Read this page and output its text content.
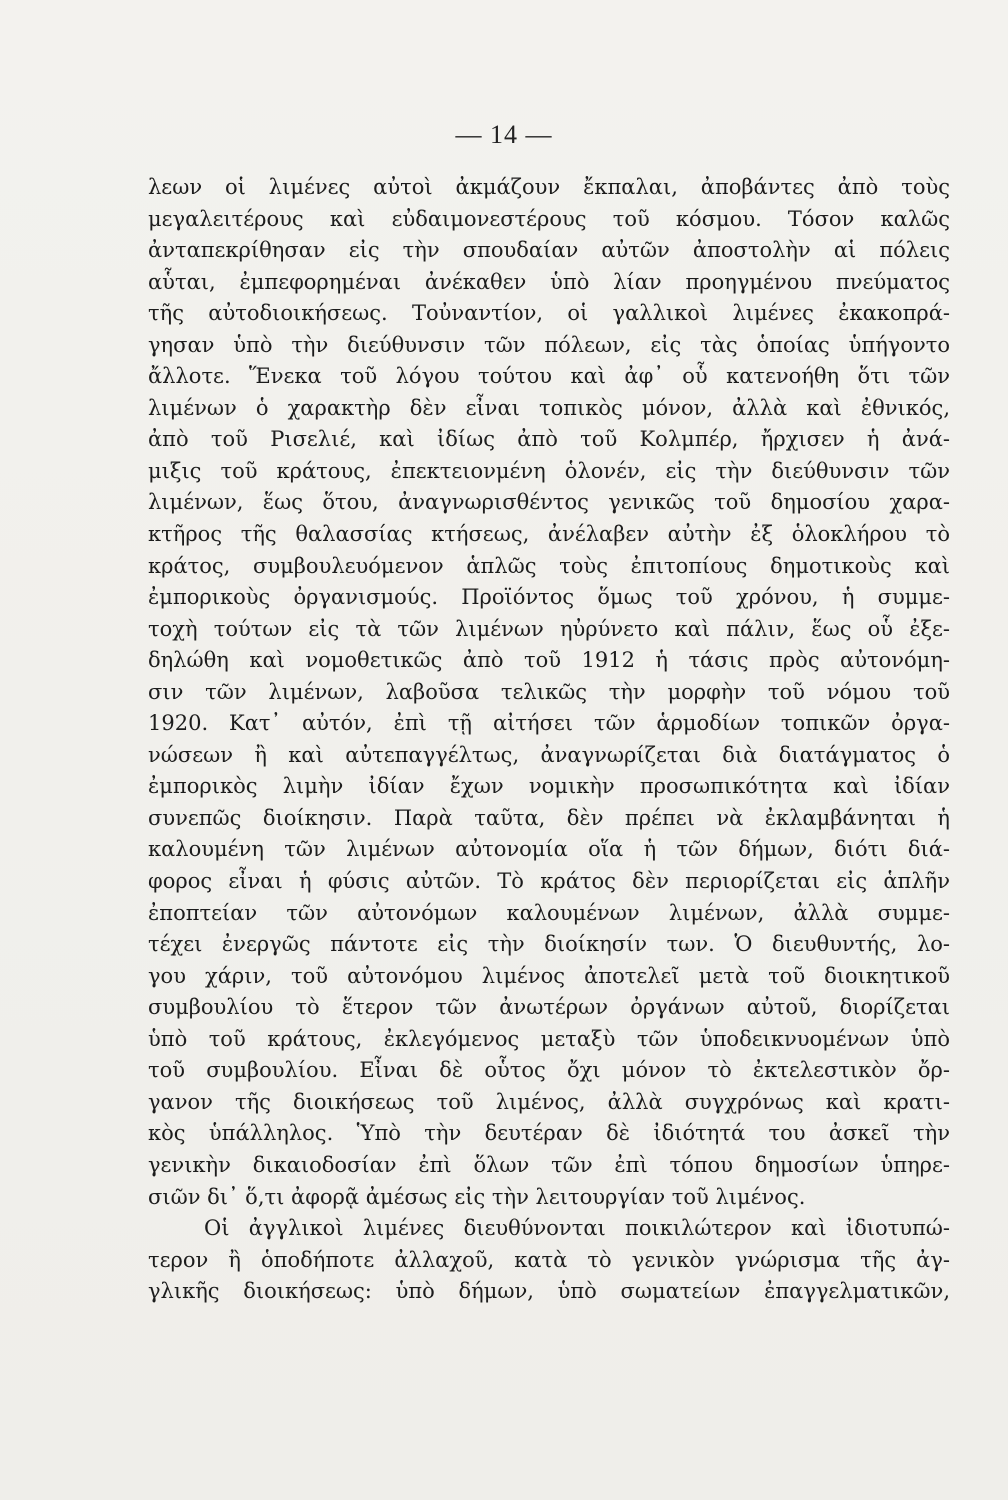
— 14 —
λεων οἱ λιμένες αὐτοὶ ἀκμάζουν ἔκπαλαι, ἀποβάντες ἀπὸ τοὺς
μεγαλειτέρους καὶ εὐδαιμονεστέρους τοῦ κόσμου. Τόσον καλῶς
ἀνταπεκρίθησαν εἰς τὴν σπουδαίαν αὐτῶν ἀποστολὴν αἱ πόλεις
αὗται, ἐμπεφορημέναι ἀνέκαθεν ὑπὸ λίαν προηγμένου πνεύματος
τῆς αὐτοδιοικήσεως. Τοὐναντίον, οἱ γαλλικοὶ λιμένες ἐκακοπρά-
γησαν ὑπὸ τὴν διεύθυνσιν τῶν πόλεων, εἰς τὰς ὁποίας ὑπήγοντο
ἄλλοτε. Ἕνεκα τοῦ λόγου τούτου καὶ ἀφ᾽ οὗ κατενοήθη ὅτι τῶν
λιμένων ὁ χαρακτὴρ δὲν εἶναι τοπικὸς μόνον, ἀλλὰ καὶ ἐθνικός,
ἀπὸ τοῦ Ρισελιέ, καὶ ἰδίως ἀπὸ τοῦ Κολμπέρ, ἤρχισεν ἡ ἀνά-
μιξις τοῦ κράτους, ἐπεκτειονμένη ὁλονέν, εἰς τὴν διεύθυνσιν τῶν
λιμένων, ἕως ὅτου, ἀναγνωρισθέντος γενικῶς τοῦ δημοσίου χαρα-
κτῆρος τῆς θαλασσίας κτήσεως, ἀνέλαβεν αὐτὴν ἐξ ὁλοκλήρου τὸ
κράτος, συμβουλευόμενον ἁπλῶς τοὺς ἐπιτοπίους δημοτικοὺς καὶ
ἐμπορικοὺς ὀργανισμούς. Προϊόντος ὅμως τοῦ χρόνου, ἡ συμμε-
τοχὴ τούτων εἰς τὰ τῶν λιμένων ηὐρύνετο καὶ πάλιν, ἕως οὗ ἐξε-
δηλώθη καὶ νομοθετικῶς ἀπὸ τοῦ 1912 ἡ τάσις πρὸς αὐτονόμη-
σιν τῶν λιμένων, λαβοῦσα τελικῶς τὴν μορφὴν τοῦ νόμου τοῦ
1920. Κατ᾽ αὐτόν, ἐπὶ τῇ αἰτήσει τῶν ἁρμοδίων τοπικῶν ὀργα-
νώσεων ἢ καὶ αὐτεπαγγέλτως, ἀναγνωρίζεται διὰ διατάγματος ὁ
ἐμπορικὸς λιμὴν ἰδίαν ἔχων νομικὴν προσωπικότητα καὶ ἰδίαν
συνεπῶς διοίκησιν. Παρὰ ταῦτα, δὲν πρέπει νὰ ἐκλαμβάνηται ἡ
καλουμένη τῶν λιμένων αὐτονομία οἵα ἡ τῶν δήμων, διότι διά-
φορος εἶναι ἡ φύσις αὐτῶν. Τὸ κράτος δὲν περιορίζεται εἰς ἁπλῆν
ἐποπτείαν τῶν αὐτονόμων καλουμένων λιμένων, ἀλλὰ συμμε-
τέχει ἐνεργῶς πάντοτε εἰς τὴν διοίκησίν των. Ὁ διευθυντής, λο-
γου χάριν, τοῦ αὐτονόμου λιμένος ἀποτελεῖ μετὰ τοῦ διοικητικοῦ
συμβουλίου τὸ ἕτερον τῶν ἀνωτέρων ὀργάνων αὐτοῦ, διορίζεται
ὑπὸ τοῦ κράτους, ἐκλεγόμενος μεταξὺ τῶν ὑποδεικνυομένων ὑπὸ
τοῦ συμβουλίου. Εἶναι δὲ οὗτος ὄχι μόνον τὸ ἐκτελεστικὸν ὄρ-
γανον τῆς διοικήσεως τοῦ λιμένος, ἀλλὰ συγχρόνως καὶ κρατι-
κὸς ὑπάλληλος. Ὑπὸ τὴν δευτέραν δὲ ἰδιότητά του ἀσκεῖ τὴν
γενικὴν δικαιοδοσίαν ἐπὶ ὅλων τῶν ἐπὶ τόπου δημοσίων ὑπηρε-
σιῶν δι᾽ ὅ,τι ἀφορᾷ ἀμέσως εἰς τὴν λειτουργίαν τοῦ λιμένος.
Οἱ ἀγγλικοὶ λιμένες διευθύνονται ποικιλώτερον καὶ ἰδιοτυπώ-
τερον ἢ ὁποδήποτε ἀλλαχοῦ, κατὰ τὸ γενικὸν γνώρισμα τῆς ἀγ-
γλικῆς διοικήσεως: ὑπὸ δήμων, ὑπὸ σωματείων ἐπαγγελματικῶν,
